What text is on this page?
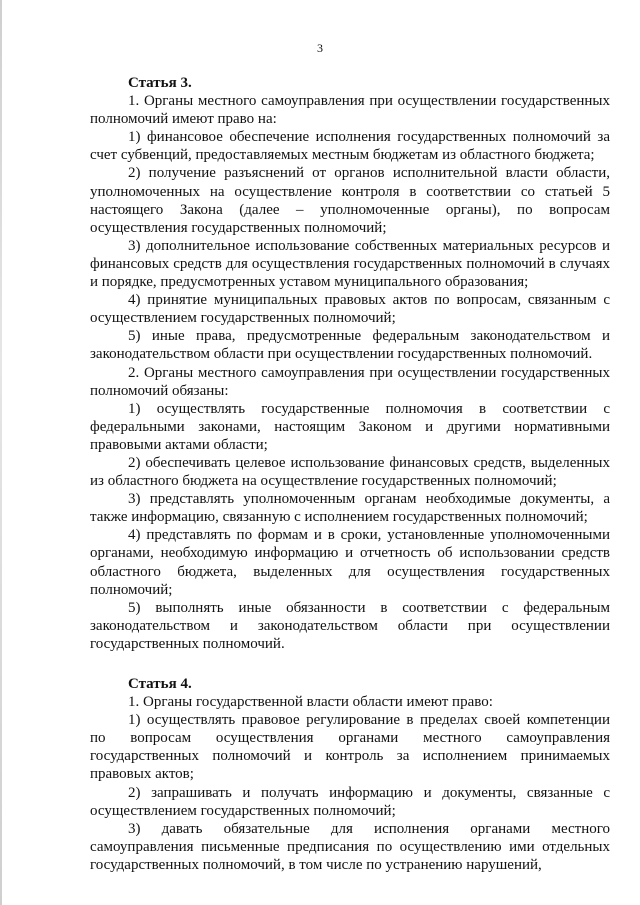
3
Статья 3.

1. Органы местного самоуправления при осуществлении государственных полномочий имеют право на:

1) финансовое обеспечение исполнения государственных полномочий за счет субвенций, предоставляемых местным бюджетам из областного бюджета;

2) получение разъяснений от органов исполнительной власти области, уполномоченных на осуществление контроля в соответствии со статьей 5 настоящего Закона (далее – уполномоченные органы), по вопросам осуществления государственных полномочий;

3) дополнительное использование собственных материальных ресурсов и финансовых средств для осуществления государственных полномочий в случаях и порядке, предусмотренных уставом муниципального образования;

4) принятие муниципальных правовых актов по вопросам, связанным с осуществлением государственных полномочий;

5) иные права, предусмотренные федеральным законодательством и законодательством области при осуществлении государственных полномочий.

2. Органы местного самоуправления при осуществлении государственных полномочий обязаны:

1) осуществлять государственные полномочия в соответствии с федеральными законами, настоящим Законом и другими нормативными правовыми актами области;

2) обеспечивать целевое использование финансовых средств, выделенных из областного бюджета на осуществление государственных полномочий;

3) представлять уполномоченным органам необходимые документы, а также информацию, связанную с исполнением государственных полномочий;

4) представлять по формам и в сроки, установленные уполномоченными органами, необходимую информацию и отчетность об использовании средств областного бюджета, выделенных для осуществления государственных полномочий;

5) выполнять иные обязанности в соответствии с федеральным законодательством и законодательством области при осуществлении государственных полномочий.

Статья 4.

1. Органы государственной власти области имеют право:

1) осуществлять правовое регулирование в пределах своей компетенции по вопросам осуществления органами местного самоуправления государственных полномочий и контроль за исполнением принимаемых правовых актов;

2) запрашивать и получать информацию и документы, связанные с осуществлением государственных полномочий;

3) давать обязательные для исполнения органами местного самоуправления письменные предписания по осуществлению ими отдельных государственных полномочий, в том числе по устранению нарушений,
